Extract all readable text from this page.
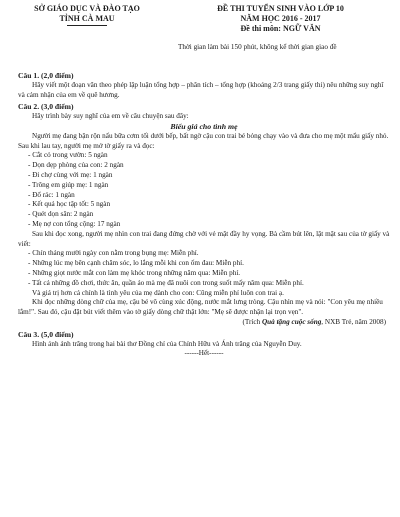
SỞ GIÁO DỤC VÀ ĐÀO TẠO
TỈNH CÀ MAU
ĐỀ THI TUYỂN SINH VÀO LỚP 10
NĂM HỌC 2016 - 2017
Đề thi môn: NGỮ VĂN
Thời gian làm bài 150 phút, không kể thời gian giao đề

Câu 1. (2,0 điểm)

Hãy viết một đoạn văn theo phép lập luận tổng hợp – phân tích – tổng hợp (khoảng 2/3 trang giấy thi) nêu những suy nghĩ và cảm nhận của em về quê hương.

Câu 2. (3,0 điểm)

Hãy trình bày suy nghĩ của em về câu chuyện sau đây:

Biểu giá cho tình mẹ

Người mẹ đang bận rộn nấu bữa cơm tối dưới bếp, bất ngờ cậu con trai bé bỏng chạy vào và đưa cho mẹ một mẩu giấy nhỏ. Sau khi lau tay, người mẹ mở tờ giấy ra và đọc:

- Cắt cỏ trong vườn: 5 ngàn

- Dọn dẹp phòng của con: 2 ngàn

- Đi chợ cùng với mẹ: 1 ngàn

- Trông em giúp mẹ: 1 ngàn

- Đổ rác: 1 ngàn

- Kết quả học tập tốt: 5 ngàn

- Quét dọn sân: 2 ngàn

- Mẹ nợ con tổng cộng: 17 ngàn

Sau khi đọc xong, người mẹ nhìn con trai đang đứng chờ với vẻ mặt đầy hy vọng. Bà cầm bút lên, lật mặt sau của tờ giấy và viết:

- Chín tháng mười ngày con nằm trong bụng mẹ: Miễn phí.

- Những lúc mẹ bên cạnh chăm sóc, lo lắng mỗi khi con ốm đau: Miễn phí.

- Những giọt nước mắt con làm mẹ khóc trong những năm qua: Miễn phí.

- Tất cả những đồ chơi, thức ăn, quần áo mà mẹ đã nuôi con trong suốt mấy năm qua: Miễn phí.

Và giá trị hơn cả chính là tình yêu của mẹ dành cho con: Cũng miễn phí luôn con trai ạ.

Khi đọc những dòng chữ của mẹ, cậu bé vô cùng xúc động, nước mắt lưng tròng. Cậu nhìn mẹ và nói: "Con yêu mẹ nhiều lắm!". Sau đó, cậu đặt bút viết thêm vào tờ giấy dòng chữ thật lớn: "Mẹ sẽ được nhận lại trọn vẹn".

(Trích Quà tặng cuộc sống, NXB Trẻ, năm 2008)

Câu 3. (5,0 điểm)

Hình ảnh ánh trăng trong hai bài thơ Đồng chí của Chính Hữu và Ánh trăng của Nguyễn Duy.

------Hết------
